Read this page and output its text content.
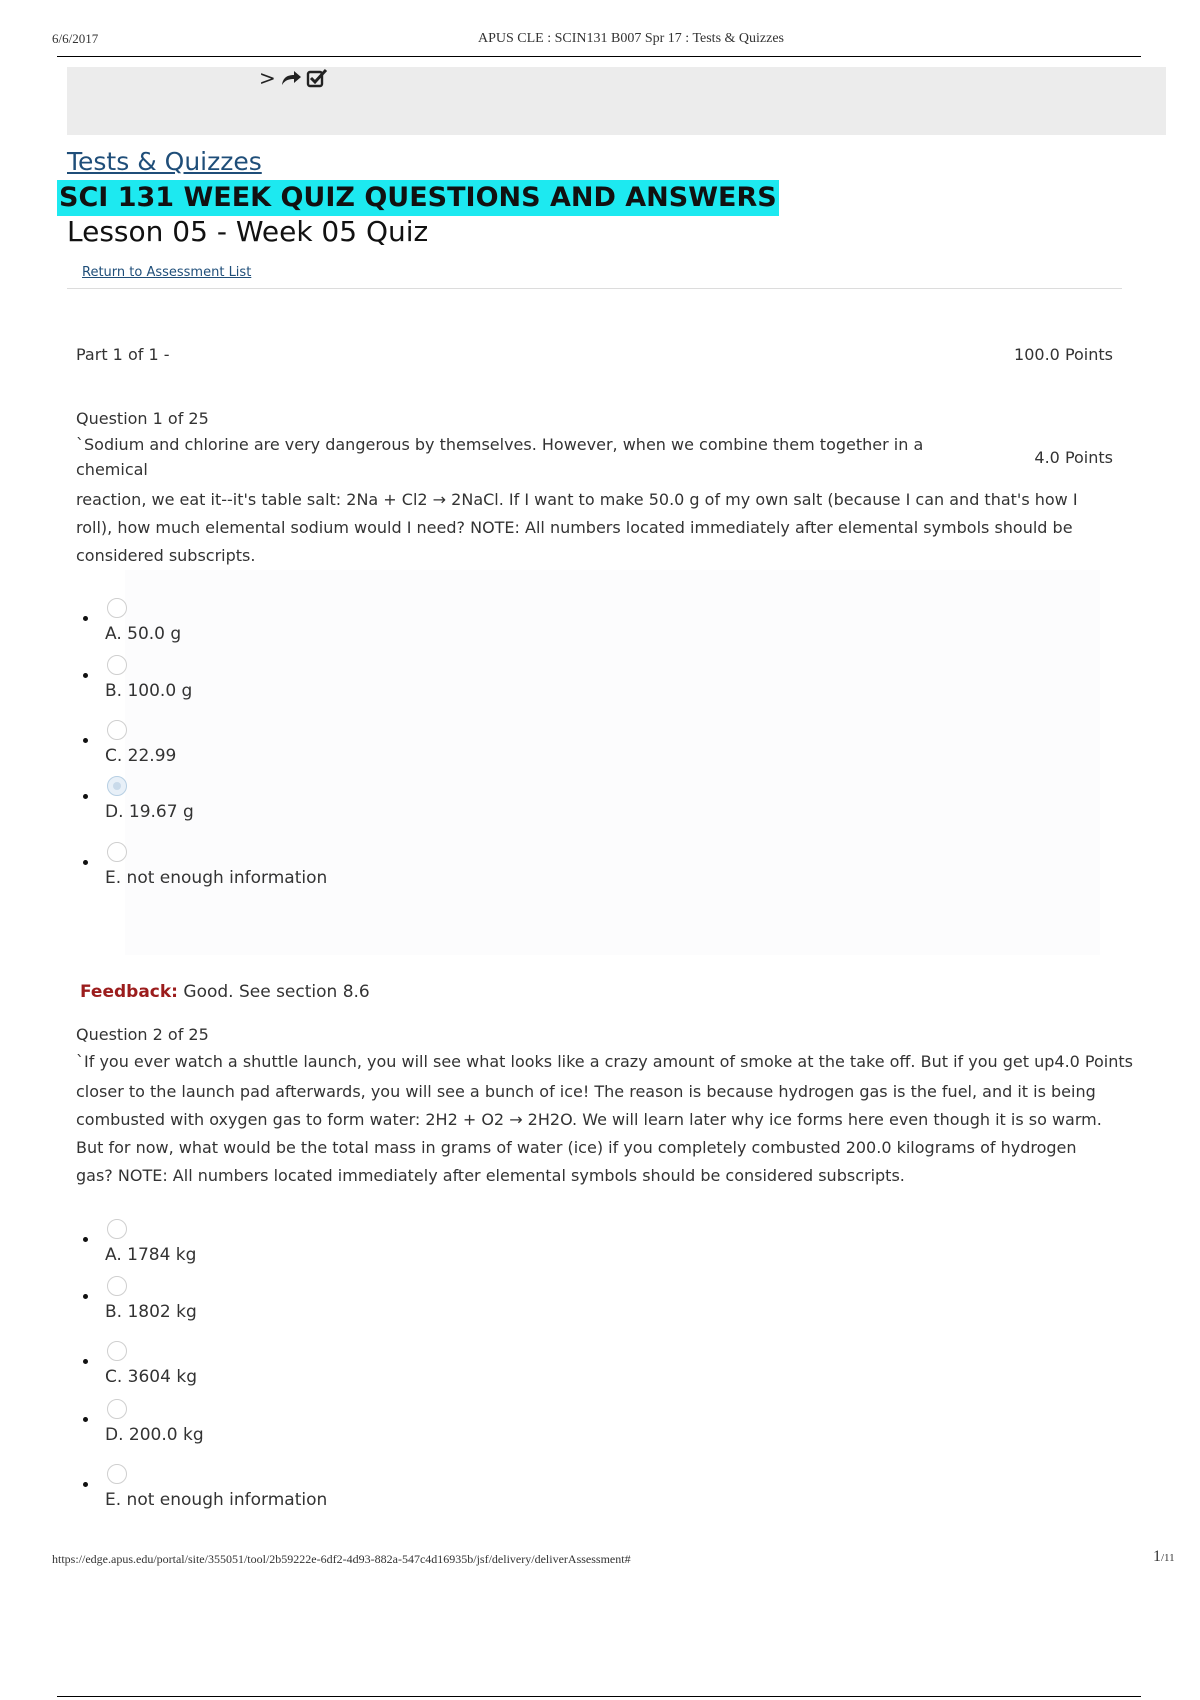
6/6/2017	APUS CLE : SCIN131 B007 Spr 17 : Tests & Quizzes
>
Tests & Quizzes
SCI 131 WEEK QUIZ QUESTIONS AND ANSWERS
Lesson 05 - Week 05 Quiz
Return to Assessment List
Part 1 of 1 -	100.0 Points
Question 1 of 25
4.0 Points
`Sodium and chlorine are very dangerous by themselves. However, when we combine them together in a
chemical

reaction, we eat it--it's table salt: 2Na + Cl2 → 2NaCl. If I want to make 50.0 g of my own salt (because I can and that's how I roll), how much elemental sodium would I need? NOTE: All numbers located immediately after elemental symbols should be considered subscripts.

A. 50.0 g
B. 100.0 g
C. 22.99
D. 19.67 g
E. not enough information
Feedback: Good. See section 8.6
Question 2 of 25
`If you ever watch a shuttle launch, you will see what looks like a crazy amount of smoke at the take off. But if you get up4.0 Points

closer to the launch pad afterwards, you will see a bunch of ice! The reason is because hydrogen gas is the fuel, and it is being combusted with oxygen gas to form water: 2H2 + O2 → 2H2O. We will learn later why ice forms here even though it is so warm. But for now, what would be the total mass in grams of water (ice) if you completely combusted 200.0 kilograms of hydrogen gas? NOTE: All numbers located immediately after elemental symbols should be considered subscripts.

A. 1784 kg
B. 1802 kg
C. 3604 kg
D. 200.0 kg
E. not enough information
https://edge.apus.edu/portal/site/355051/tool/2b59222e-6df2-4d93-882a-547c4d16935b/jsf/delivery/deliverAssessment#	1/11
